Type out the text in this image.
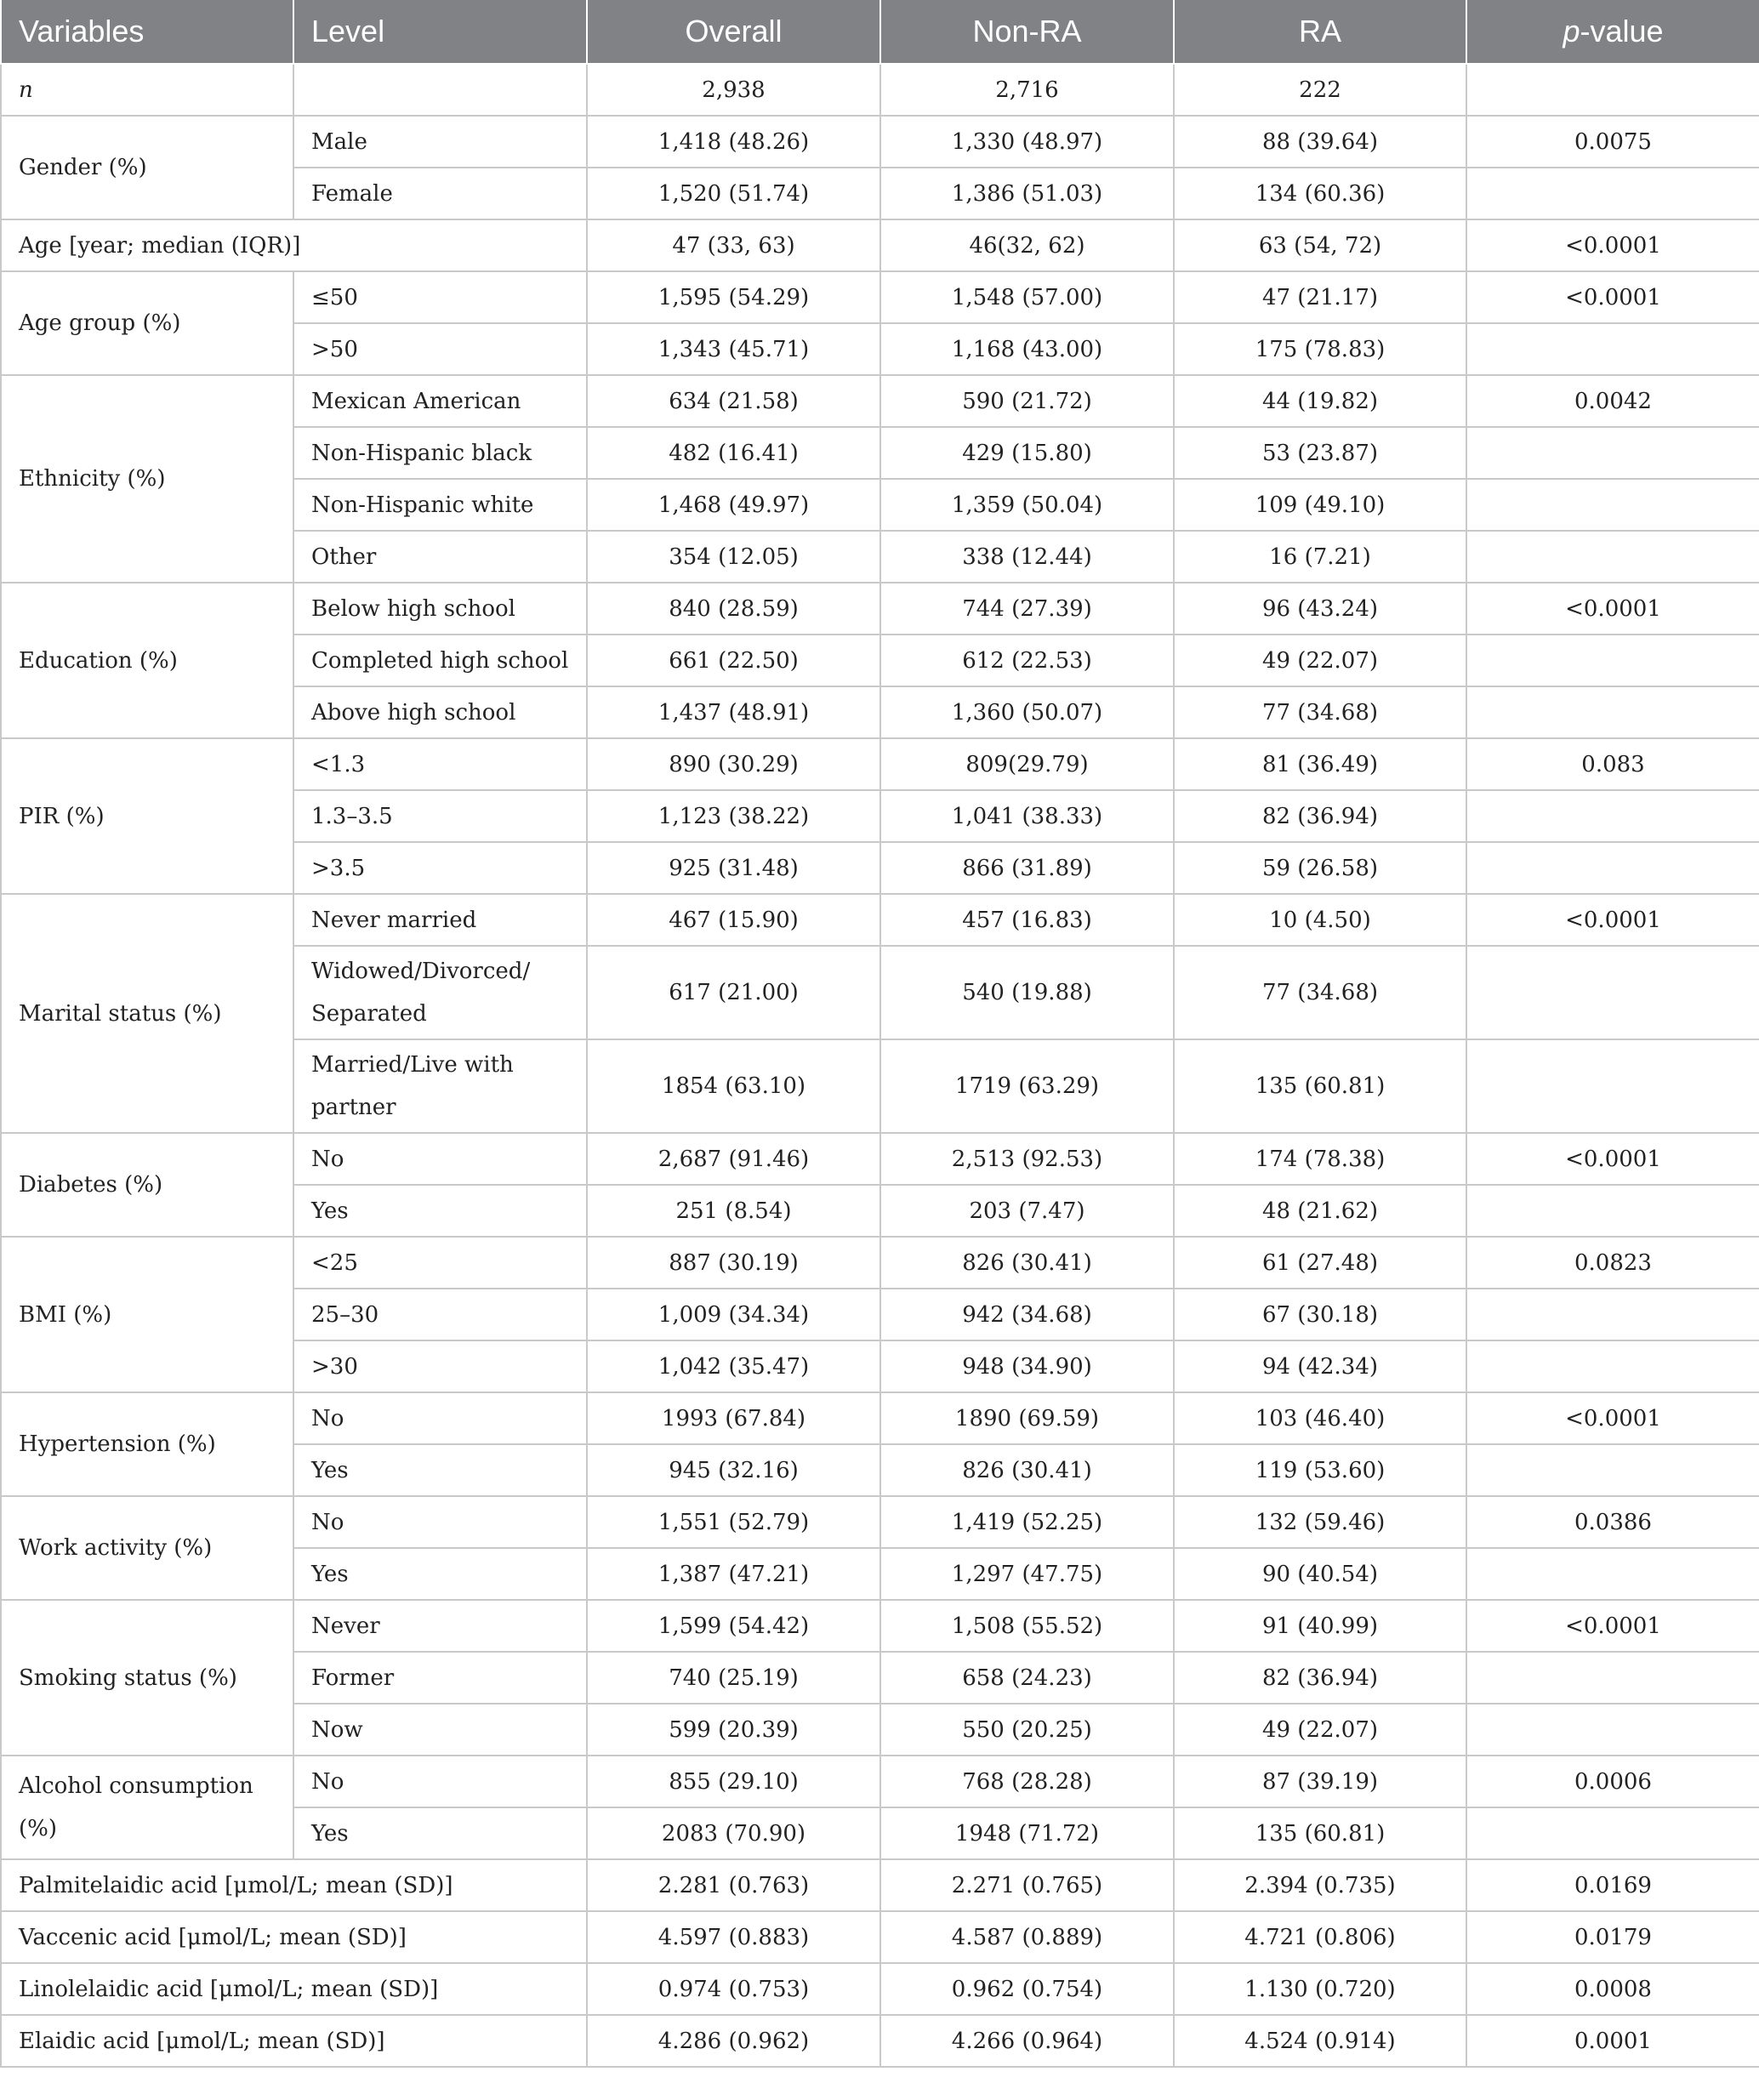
Variables	Level	Overall	Non-RA	RA	p-value
n		2,938	2,716	222	
Gender (%)	Male	1,418 (48.26)	1,330 (48.97)	88 (39.64)	0.0075
	Female	1,520 (51.74)	1,386 (51.03)	134 (60.36)	
Age [year; median (IQR)]		47 (33, 63)	46(32, 62)	63 (54, 72)	<0.0001
Age group (%)	≤50	1,595 (54.29)	1,548 (57.00)	47 (21.17)	<0.0001
	>50	1,343 (45.71)	1,168 (43.00)	175 (78.83)	
Ethnicity (%)	Mexican American	634 (21.58)	590 (21.72)	44 (19.82)	0.0042
	Non-Hispanic black	482 (16.41)	429 (15.80)	53 (23.87)	
	Non-Hispanic white	1,468 (49.97)	1,359 (50.04)	109 (49.10)	
	Other	354 (12.05)	338 (12.44)	16 (7.21)	
Education (%)	Below high school	840 (28.59)	744 (27.39)	96 (43.24)	<0.0001
	Completed high school	661 (22.50)	612 (22.53)	49 (22.07)	
	Above high school	1,437 (48.91)	1,360 (50.07)	77 (34.68)	
PIR (%)	<1.3	890 (30.29)	809(29.79)	81 (36.49)	0.083
	1.3–3.5	1,123 (38.22)	1,041 (38.33)	82 (36.94)	
	>3.5	925 (31.48)	866 (31.89)	59 (26.58)	
Marital status (%)	Never married	467 (15.90)	457 (16.83)	10 (4.50)	<0.0001
	Widowed/Divorced/ Separated	617 (21.00)	540 (19.88)	77 (34.68)	
	Married/Live with partner	1854 (63.10)	1719 (63.29)	135 (60.81)	
Diabetes (%)	No	2,687 (91.46)	2,513 (92.53)	174 (78.38)	<0.0001
	Yes	251 (8.54)	203 (7.47)	48 (21.62)	
BMI (%)	<25	887 (30.19)	826 (30.41)	61 (27.48)	0.0823
	25–30	1,009 (34.34)	942 (34.68)	67 (30.18)	
	>30	1,042 (35.47)	948 (34.90)	94 (42.34)	
Hypertension (%)	No	1993 (67.84)	1890 (69.59)	103 (46.40)	<0.0001
	Yes	945 (32.16)	826 (30.41)	119 (53.60)	
Work activity (%)	No	1,551 (52.79)	1,419 (52.25)	132 (59.46)	0.0386
	Yes	1,387 (47.21)	1,297 (47.75)	90 (40.54)	
Smoking status (%)	Never	1,599 (54.42)	1,508 (55.52)	91 (40.99)	<0.0001
	Former	740 (25.19)	658 (24.23)	82 (36.94)	
	Now	599 (20.39)	550 (20.25)	49 (22.07)	
Alcohol consumption (%)	No	855 (29.10)	768 (28.28)	87 (39.19)	0.0006
	Yes	2083 (70.90)	1948 (71.72)	135 (60.81)	
Palmitelaidic acid [μmol/L; mean (SD)]		2.281 (0.763)	2.271 (0.765)	2.394 (0.735)	0.0169
Vaccenic acid [μmol/L; mean (SD)]		4.597 (0.883)	4.587 (0.889)	4.721 (0.806)	0.0179
Linolelaidic acid [μmol/L; mean (SD)]		0.974 (0.753)	0.962 (0.754)	1.130 (0.720)	0.0008
Elaidic acid [μmol/L; mean (SD)]		4.286 (0.962)	4.266 (0.964)	4.524 (0.914)	0.0001
